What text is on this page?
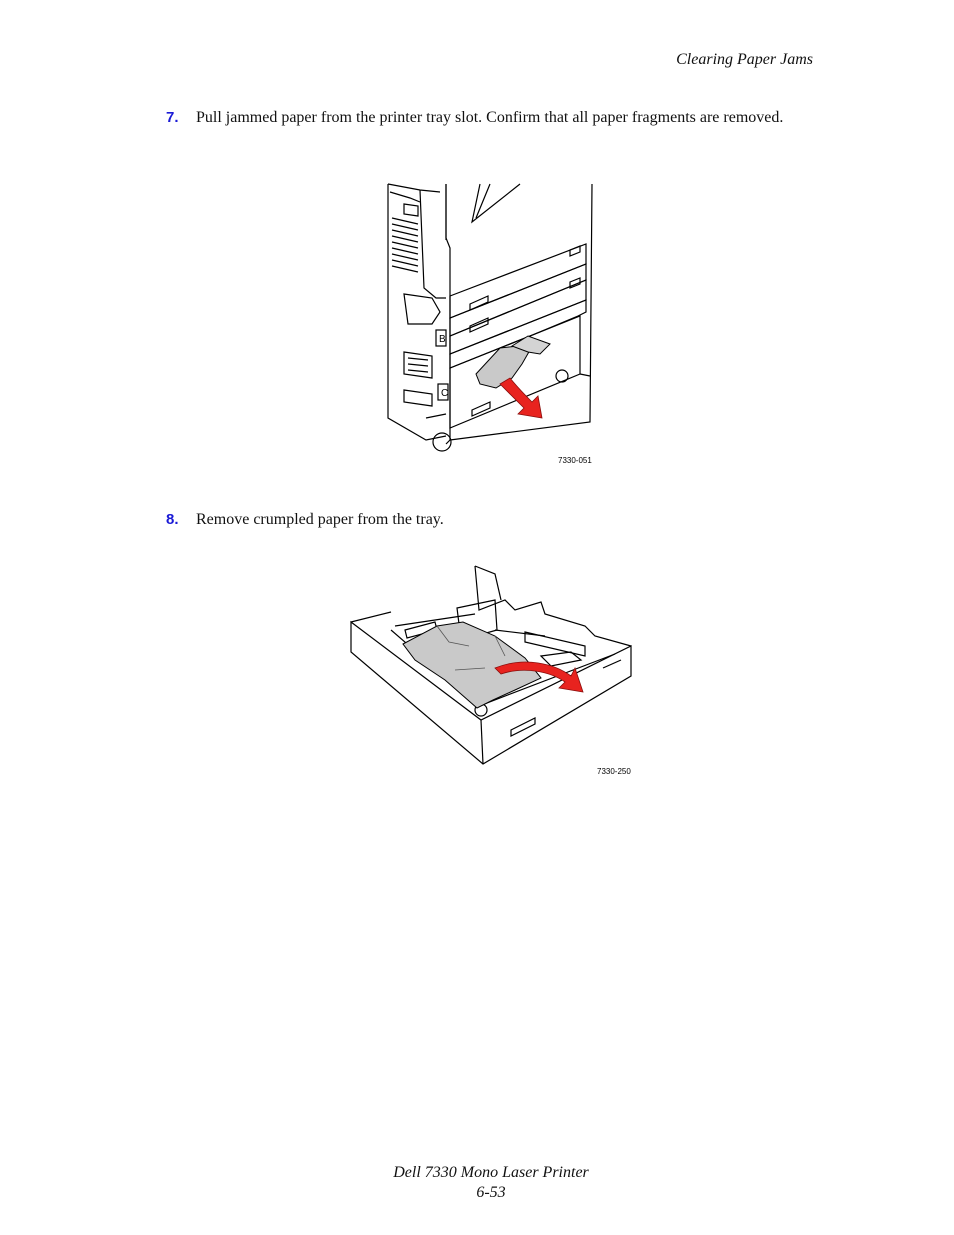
Clearing Paper Jams
7. Pull jammed paper from the printer tray slot. Confirm that all paper fragments are removed.
B
C
7330-051
8. Remove crumpled paper from the tray.
7330-250
Dell 7330 Mono Laser Printer
6-53
